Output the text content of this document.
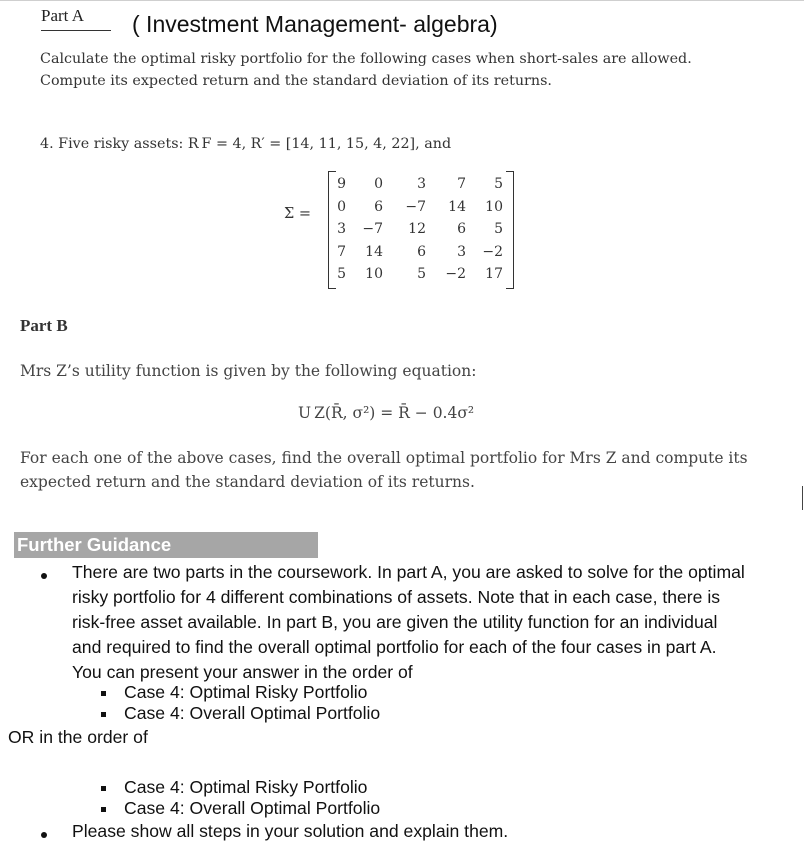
Part A ( Investment Management- algebra)
Calculate the optimal risky portfolio for the following cases when short-sales are allowed.
Compute its expected return and the standard deviation of its returns.
4. Five risky assets: R F = 4, R′ = [14, 11, 15, 4, 22], and
Σ =
9	0	3	7	5
0	6	−7	14	10
3	−7	12	6	5
7	14	6	3	−2
5	10	5	−2	17
Part B
Mrs Z’s utility function is given by the following equation:
U Z(R̄, σ²) = R̄ − 0.4σ²
For each one of the above cases, find the overall optimal portfolio for Mrs Z and compute its
expected return and the standard deviation of its returns.
Further Guidance
There are two parts in the coursework. In part A, you are asked to solve for the optimal
risky portfolio for 4 different combinations of assets. Note that in each case, there is
risk-free asset available. In part B, you are given the utility function for an individual
and required to find the overall optimal portfolio for each of the four cases in part A.
You can present your answer in the order of
Case 4: Optimal Risky Portfolio
Case 4: Overall Optimal Portfolio
OR in the order of
Case 4: Optimal Risky Portfolio
Case 4: Overall Optimal Portfolio
Please show all steps in your solution and explain them.
